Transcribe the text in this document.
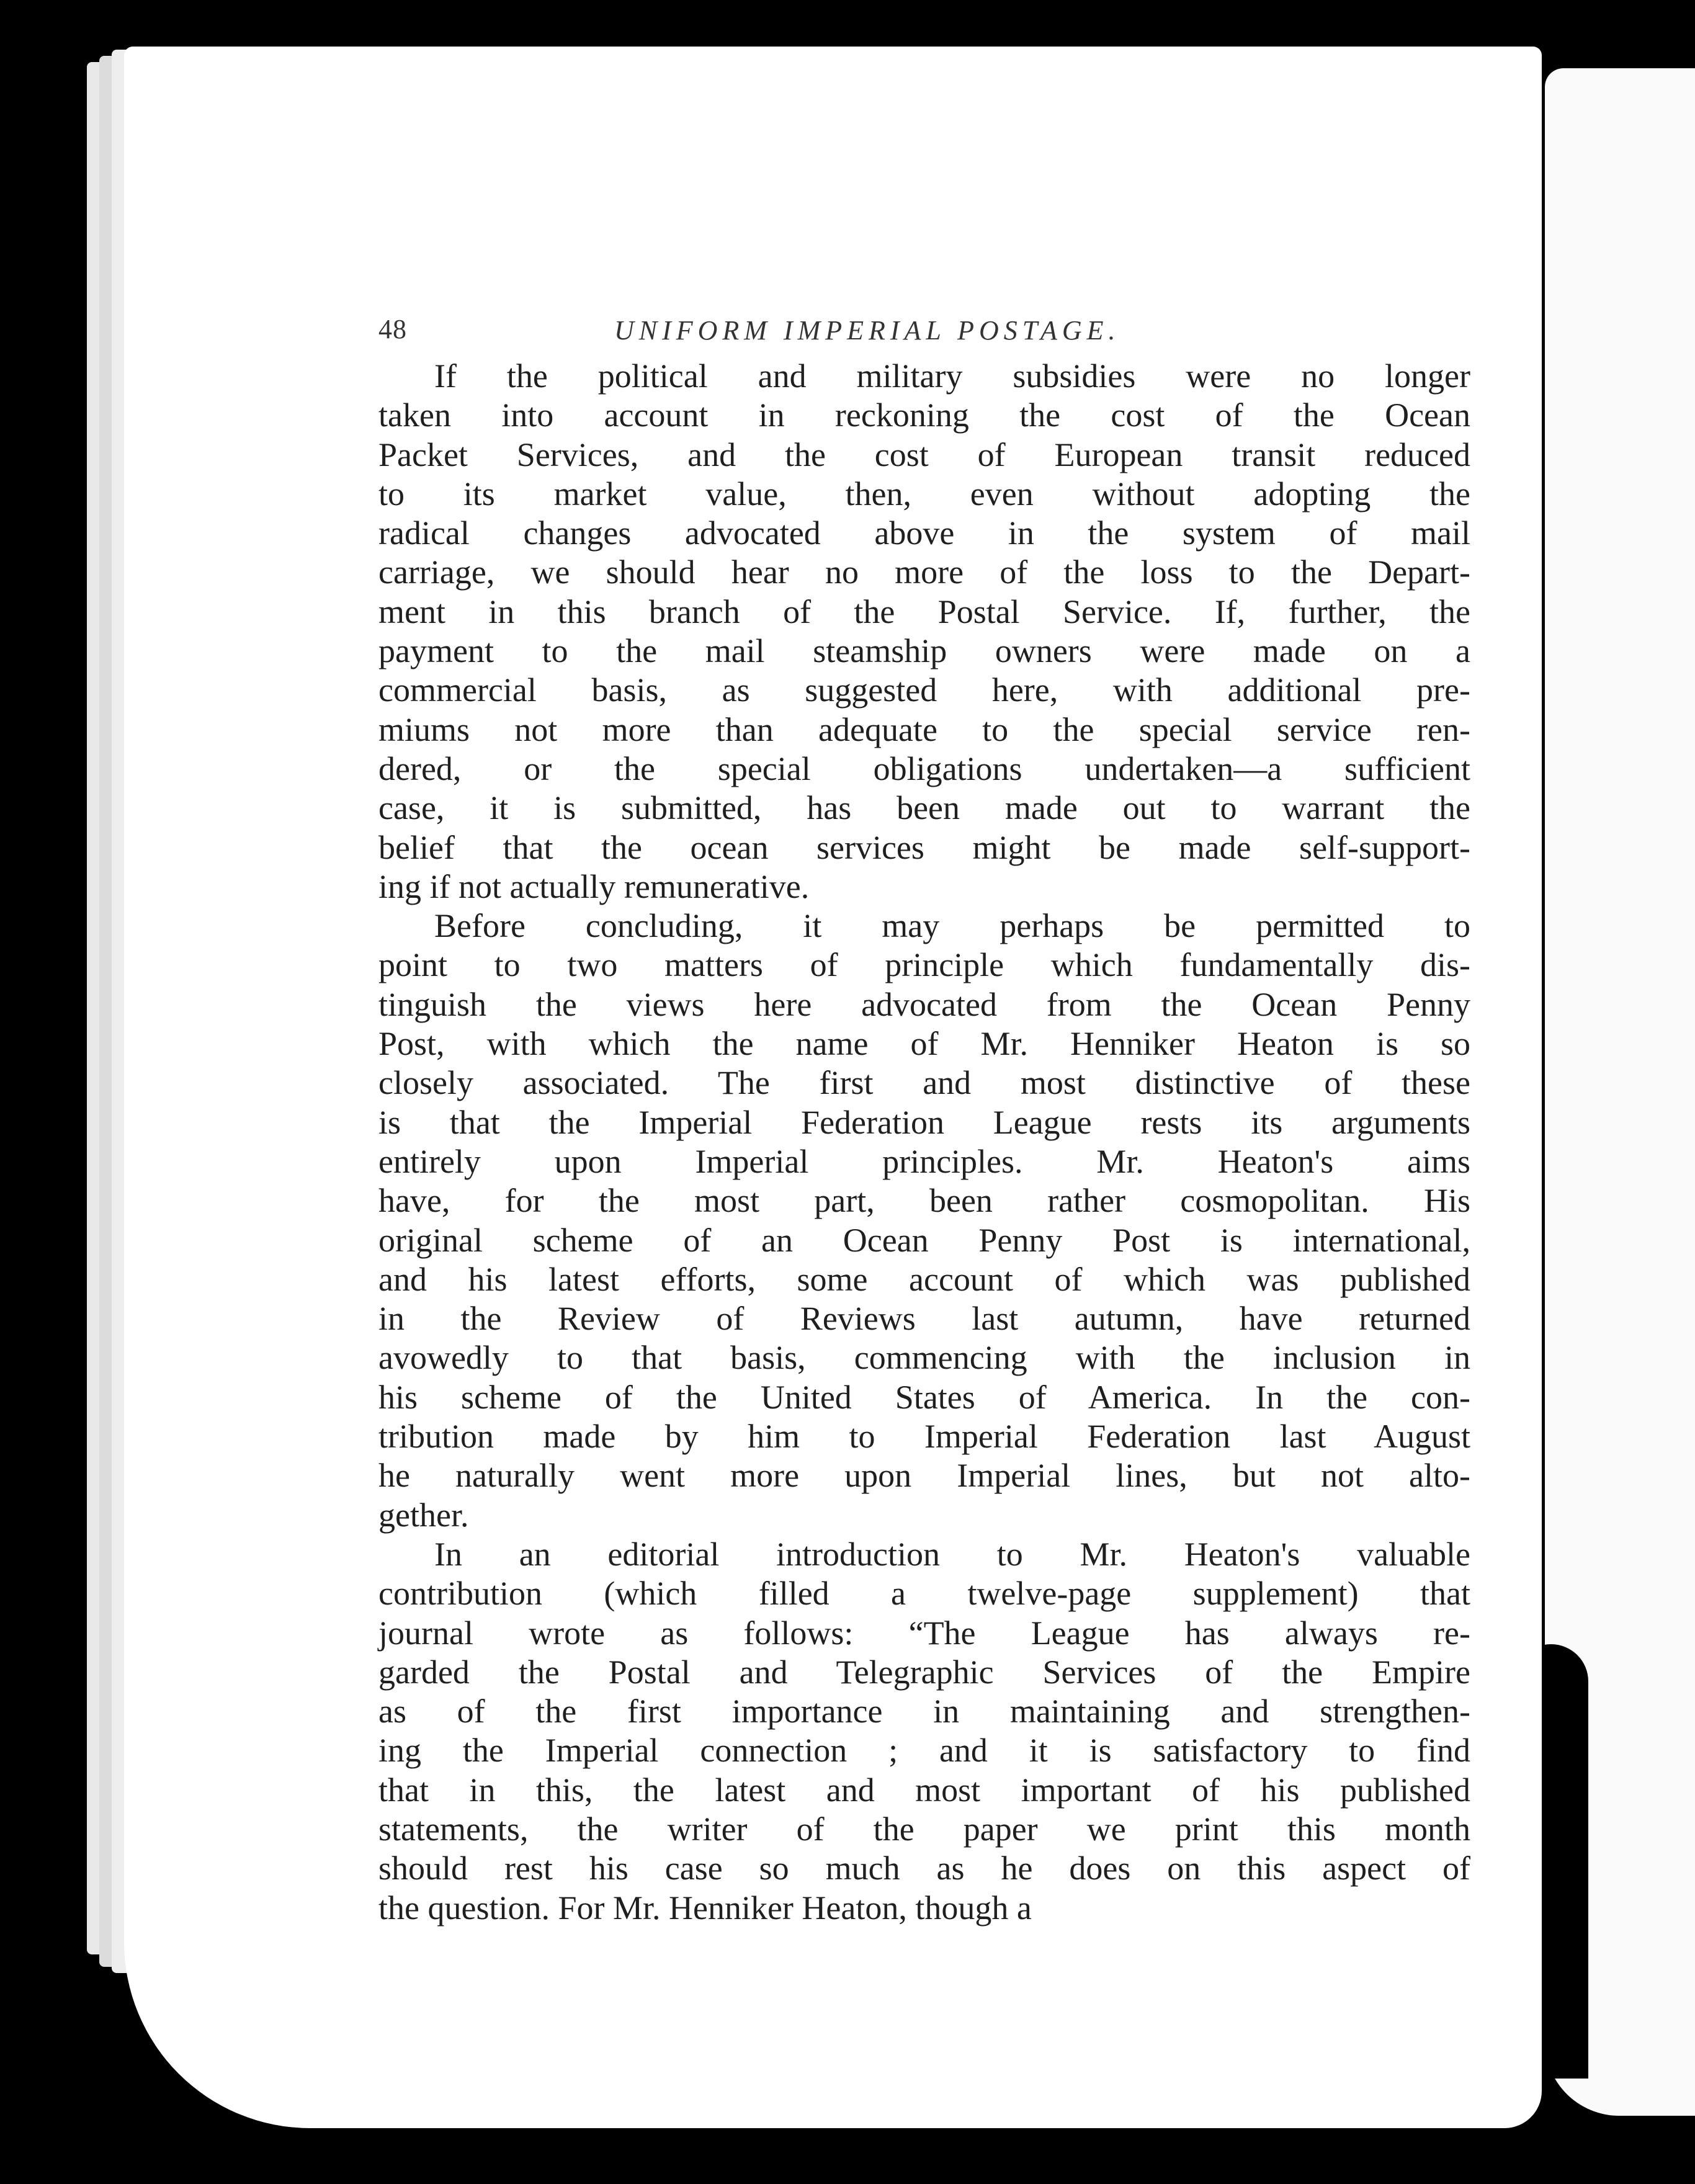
48	UNIFORM IMPERIAL POSTAGE.

If the political and military subsidies were no longer
taken into account in reckoning the cost of the Ocean
Packet Services, and the cost of European transit reduced
to its market value, then, even without adopting the
radical changes advocated above in the system of mail
carriage, we should hear no more of the loss to the Depart-
ment in this branch of the Postal Service. If, further, the
payment to the mail steamship owners were made on a
commercial basis, as suggested here, with additional pre-
miums not more than adequate to the special service ren-
dered, or the special obligations undertaken—a sufficient
case, it is submitted, has been made out to warrant the
belief that the ocean services might be made self-support-
ing if not actually remunerative.

Before concluding, it may perhaps be permitted to
point to two matters of principle which fundamentally dis-
tinguish the views here advocated from the Ocean Penny
Post, with which the name of Mr. Henniker Heaton is so
closely associated. The first and most distinctive of these
is that the Imperial Federation League rests its arguments
entirely upon Imperial principles. Mr. Heaton's aims
have, for the most part, been rather cosmopolitan. His
original scheme of an Ocean Penny Post is international,
and his latest efforts, some account of which was published
in the Review of Reviews last autumn, have returned
avowedly to that basis, commencing with the inclusion in
his scheme of the United States of America. In the con-
tribution made by him to Imperial Federation last August
he naturally went more upon Imperial lines, but not alto-
gether.

In an editorial introduction to Mr. Heaton's valuable
contribution (which filled a twelve-page supplement) that
journal wrote as follows: “The League has always re-
garded the Postal and Telegraphic Services of the Empire
as of the first importance in maintaining and strengthen-
ing the Imperial connection ; and it is satisfactory to find
that in this, the latest and most important of his published
statements, the writer of the paper we print this month
should rest his case so much as he does on this aspect of
the question. For Mr. Henniker Heaton, though a
